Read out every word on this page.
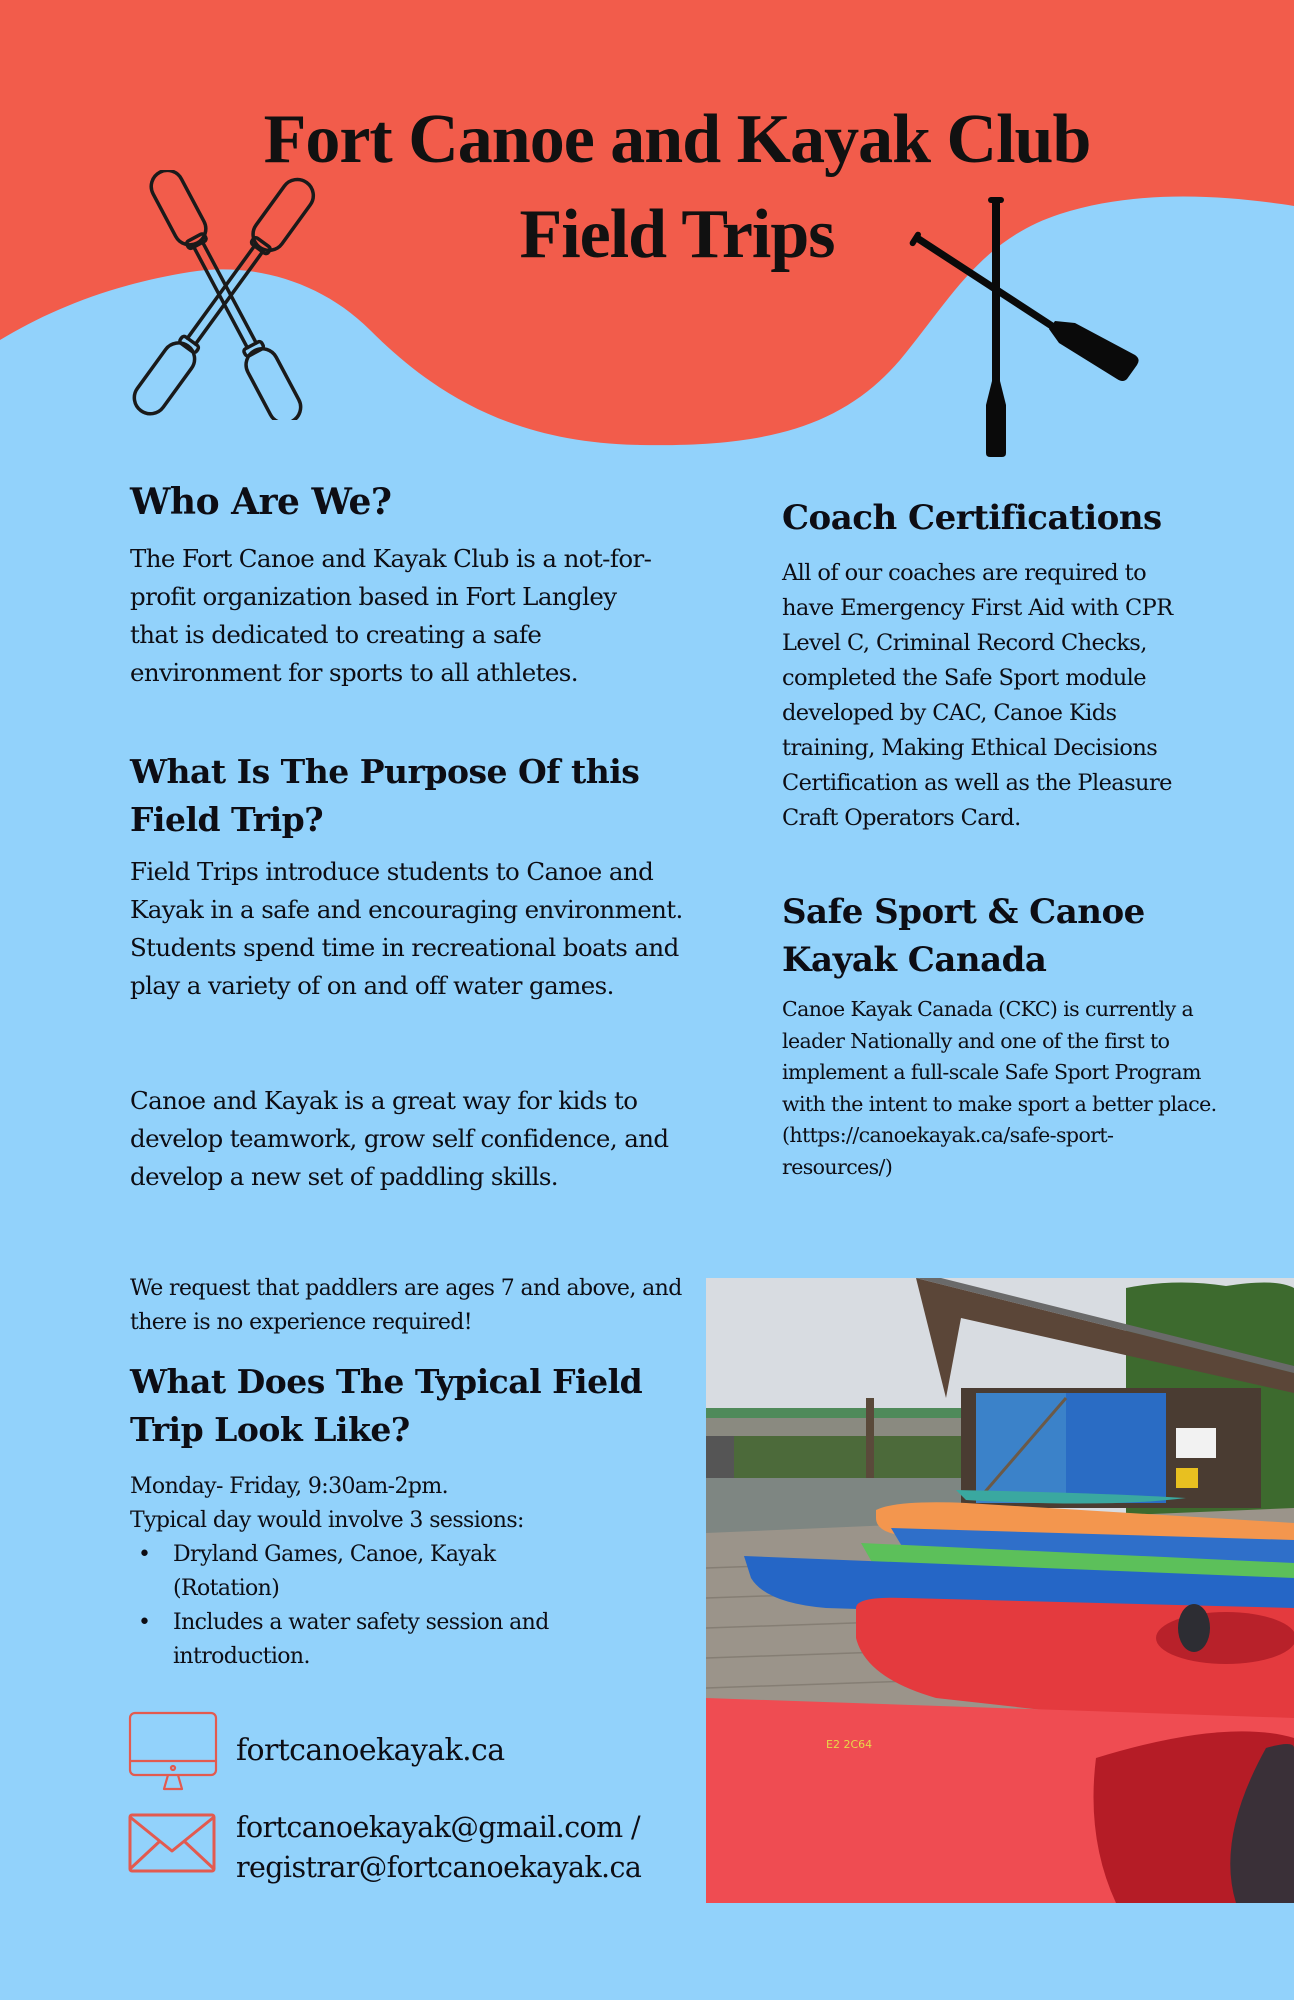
Fort Canoe and Kayak Club
Field Trips
Who Are We?

The Fort Canoe and Kayak Club is a not-for-profit organization based in Fort Langley that is dedicated to creating a safe environment for sports to all athletes.

What Is The Purpose Of this Field Trip?

Field Trips introduce students to Canoe and Kayak in a safe and encouraging environment. Students spend time in recreational boats and play a variety of on and off water games.

Canoe and Kayak is a great way for kids to develop teamwork, grow self confidence, and develop a new set of paddling skills.

We request that paddlers are ages 7 and above, and there is no experience required!

What Does The Typical Field Trip Look Like?
Monday- Friday, 9:30am-2pm.
Typical day would involve 3 sessions:
• Dryland Games, Canoe, Kayak (Rotation)
• Includes a water safety session and introduction.
Coach Certifications

All of our coaches are required to have Emergency First Aid with CPR Level C, Criminal Record Checks, completed the Safe Sport module developed by CAC, Canoe Kids training, Making Ethical Decisions Certification as well as the Pleasure Craft Operators Card.

Safe Sport & Canoe Kayak Canada

Canoe Kayak Canada (CKC) is currently a leader Nationally and one of the first to implement a full-scale Safe Sport Program with the intent to make sport a better place. (https://canoekayak.ca/safe-sport-resources/)

fortcanoekayak.ca

fortcanoekayak@gmail.com /
registrar@fortcanoekayak.ca
E2 2C64
